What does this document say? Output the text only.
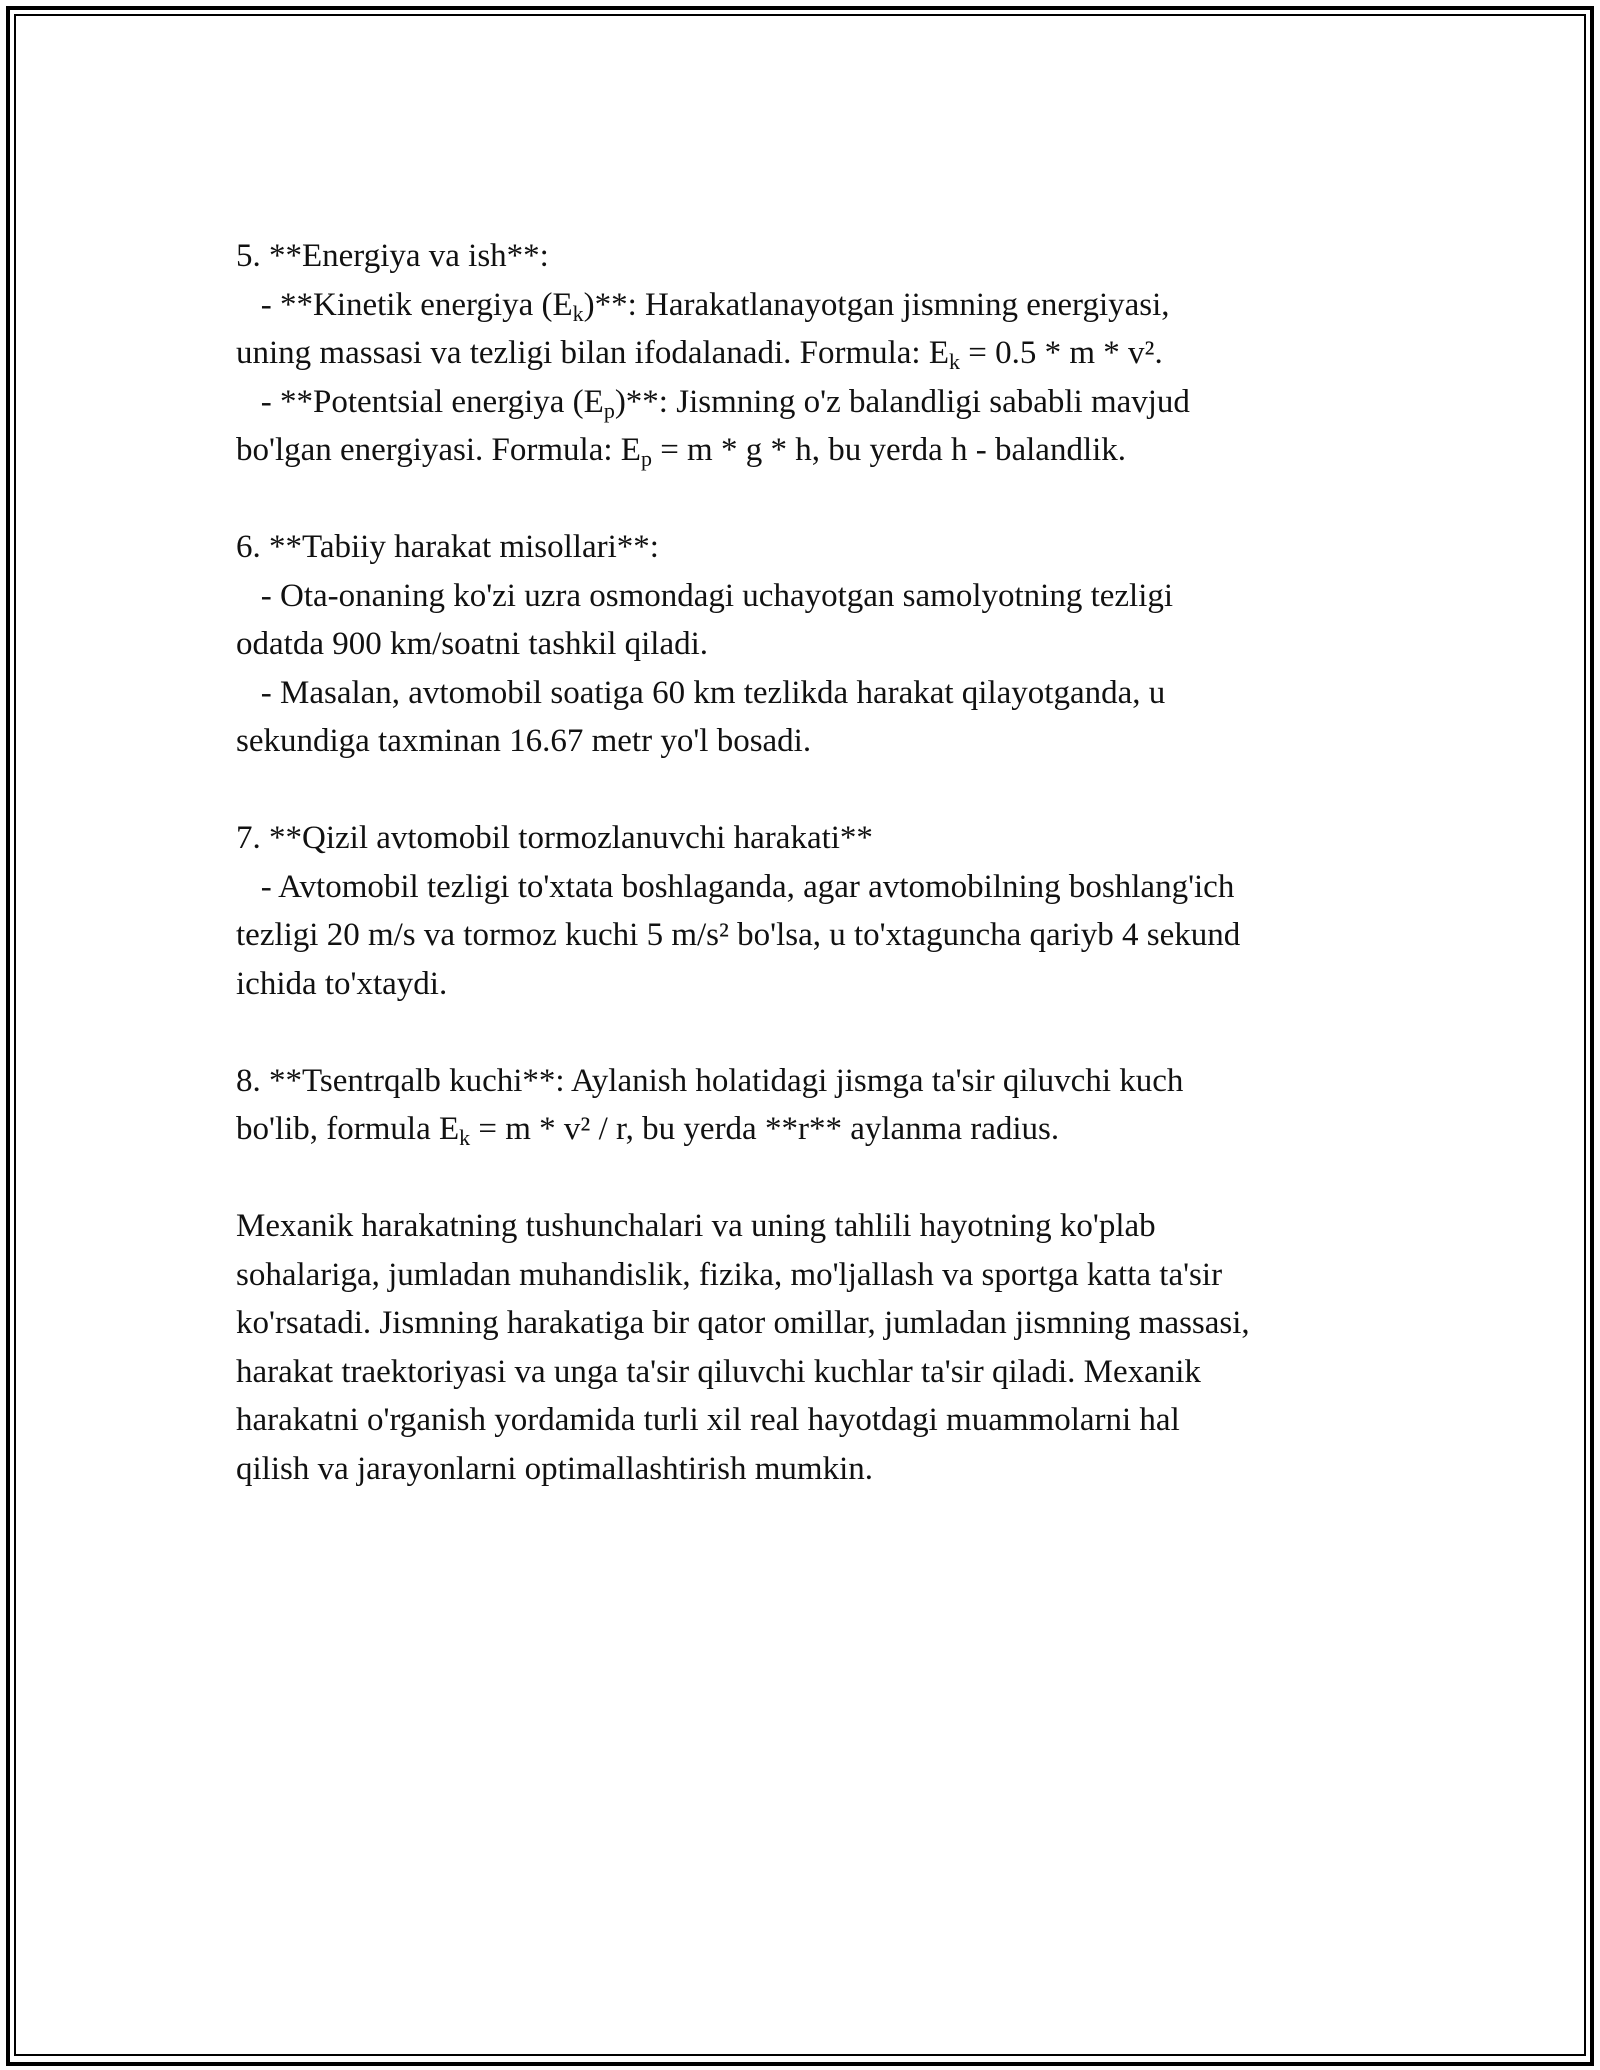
5. **Energiya va ish**:
- **Kinetik energiya $(E_k)**$: Harakatlanayotgan jismning energiyasi,
uning massasi va tezligi bilan ifodalanadi. Formula: $E_k = 0.5 * m * v^2$.
- **Potentsial energiya $(E_p)**$: Jismning o'z balandligi sababli mavjud
bo'lgan energiyasi. Formula: $E_p = m * g * h$, bu yerda h - balandlik.
6. **Tabiiy harakat misollari**:
- Ota-onaning ko'zi uzra osmondagi uchayotgan samolyotning tezligi
odatda 900 km/soatni tashkil qiladi.
- Masalan, avtomobil soatiga 60 km tezlikda harakat qilayotganda, u
sekundiga taxminan 16.67 metr yo'l bosadi.
7. **Qizil avtomobil tormozlanuvchi harakati**
- Avtomobil tezligi to'xtata boshlaganda, agar avtomobilning boshlang'ich
tezligi 20 m/s va tormoz kuchi 5 m/s² bo'lsa, u to'xtaguncha qariyb 4 sekund
ichida to'xtaydi.
8. **Tsentrqalb kuchi**: Aylanish holatidagi jismga ta'sir qiluvchi kuch
bo'lib, formula $E_k = m * v^2 / r$, bu yerda **r** aylanma radius.
Mexanik harakatning tushunchalari va uning tahlili hayotning ko'plab
sohalariga, jumladan muhandislik, fizika, mo'ljallash va sportga katta ta'sir
ko'rsatadi. Jismning harakatiga bir qator omillar, jumladan jismning massasi,
harakat traektoriyasi va unga ta'sir qiluvchi kuchlar ta'sir qiladi. Mexanik
harakatni o'rganish yordamida turli xil real hayotdagi muammolarni hal
qilish va jarayonlarni optimallashtirish mumkin.
